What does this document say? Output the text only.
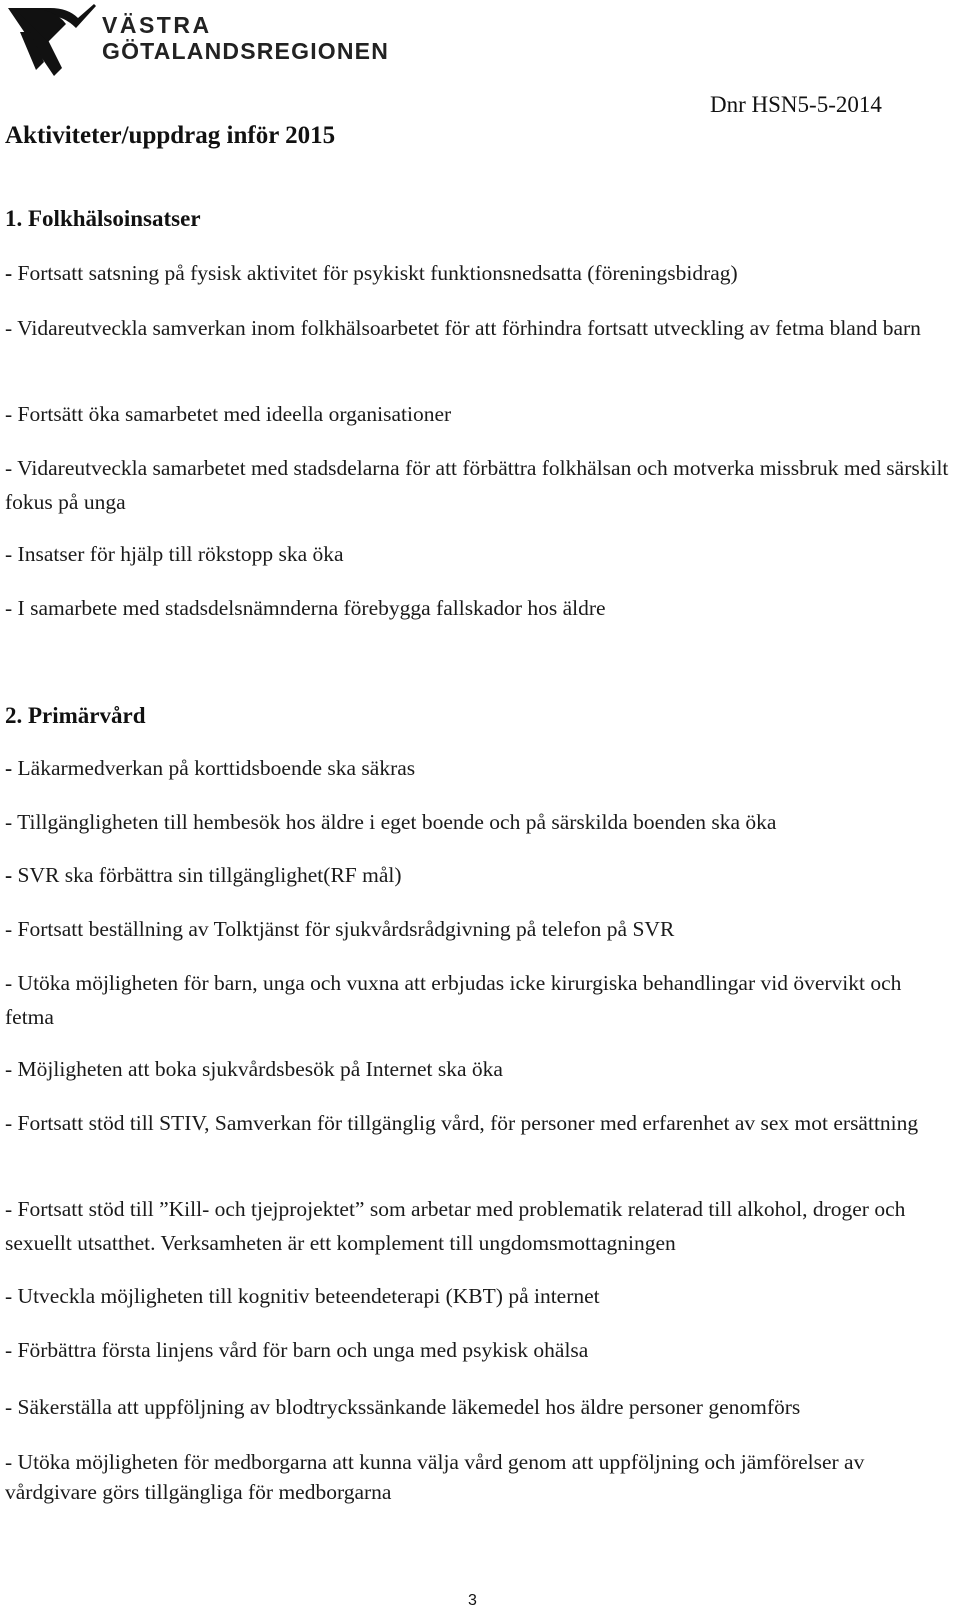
VÄSTRA
GÖTALANDSREGIONEN
Dnr HSN5-5-2014
Aktiviteter/uppdrag inför 2015
1. Folkhälsoinsatser

- Fortsatt satsning på fysisk aktivitet för psykiskt funktionsnedsatta (föreningsbidrag)

- Vidareutveckla samverkan inom folkhälsoarbetet för att förhindra fortsatt utveckling av fetma bland barn

- Fortsätt öka samarbetet med ideella organisationer

- Vidareutveckla samarbetet med stadsdelarna för att förbättra folkhälsan och motverka missbruk med särskilt fokus på unga

- Insatser för hjälp till rökstopp ska öka

- I samarbete med stadsdelsnämnderna förebygga fallskador hos äldre

2. Primärvård

- Läkarmedverkan på korttidsboende ska säkras

- Tillgängligheten till hembesök hos äldre i eget boende och på särskilda boenden ska öka

- SVR ska förbättra sin tillgänglighet(RF mål)

- Fortsatt beställning av Tolktjänst för sjukvårdsrådgivning på telefon på SVR

- Utöka möjligheten för barn, unga och vuxna att erbjudas icke kirurgiska behandlingar vid övervikt och fetma

- Möjligheten att boka sjukvårdsbesök på Internet ska öka

- Fortsatt stöd till STIV, Samverkan för tillgänglig vård, för personer med erfarenhet av sex mot ersättning

- Fortsatt stöd till ”Kill- och tjejprojektet” som arbetar med problematik relaterad till alkohol, droger och sexuellt utsatthet. Verksamheten är ett komplement till ungdomsmottagningen

- Utveckla möjligheten till kognitiv beteendeterapi (KBT) på internet

- Förbättra första linjens vård för barn och unga med psykisk ohälsa

- Säkerställa att uppföljning av blodtryckssänkande läkemedel hos äldre personer genomförs

- Utöka möjligheten för medborgarna att kunna välja vård genom att uppföljning och jämförelser av vårdgivare görs tillgängliga för medborgarna

3
